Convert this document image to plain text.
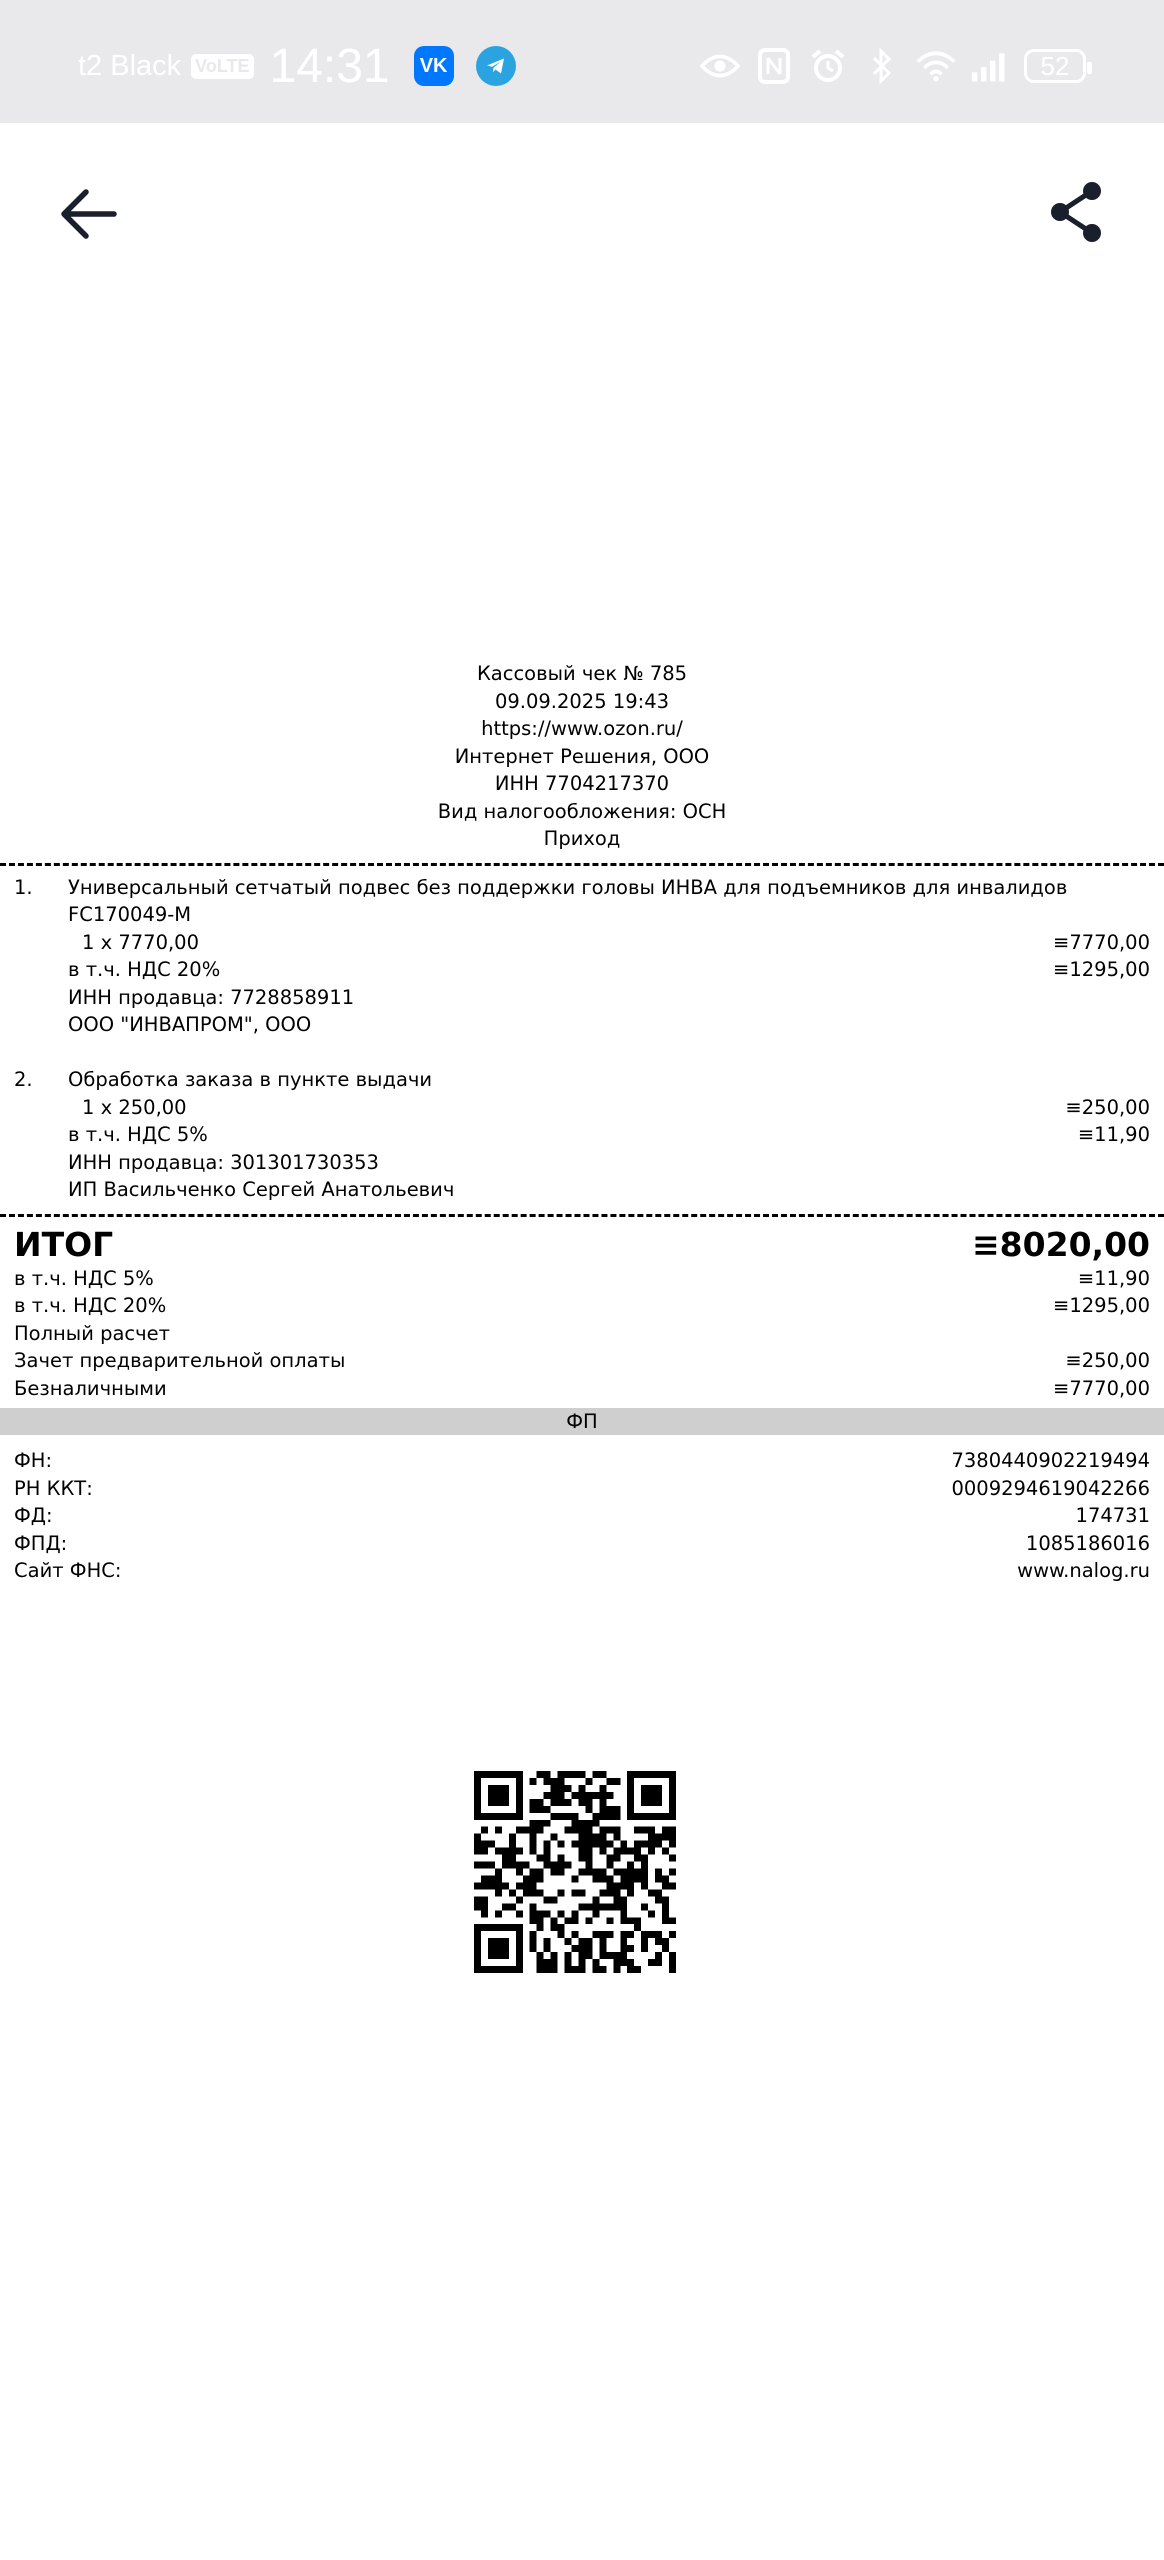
t2 Black VoLTE 14:31 VK	52
Кассовый чек № 785
09.09.2025 19:43
https://www.ozon.ru/
Интернет Решения, ООО
ИНН 7704217370
Вид налогообложения: ОСН
Приход
1. Универсальный сетчатый подвес без поддержки головы ИНВА для подъемников для инвалидов
FC170049-M
1 x 7770,00	≡7770,00
в т.ч. НДС 20%	≡1295,00
ИНН продавца: 7728858911
ООО "ИНВАПРОМ", ООО
2. Обработка заказа в пункте выдачи
1 x 250,00	≡250,00
в т.ч. НДС 5%	≡11,90
ИНН продавца: 301301730353
ИП Васильченко Сергей Анатольевич
ИТОГ	≡8020,00
в т.ч. НДС 5%	≡11,90
в т.ч. НДС 20%	≡1295,00
Полный расчет
Зачет предварительной оплаты	≡250,00
Безналичными	≡7770,00
ФП
ФН:	7380440902219494
РН ККТ:	0009294619042266
ФД:	174731
ФПД:	1085186016
Сайт ФНС:	www.nalog.ru
